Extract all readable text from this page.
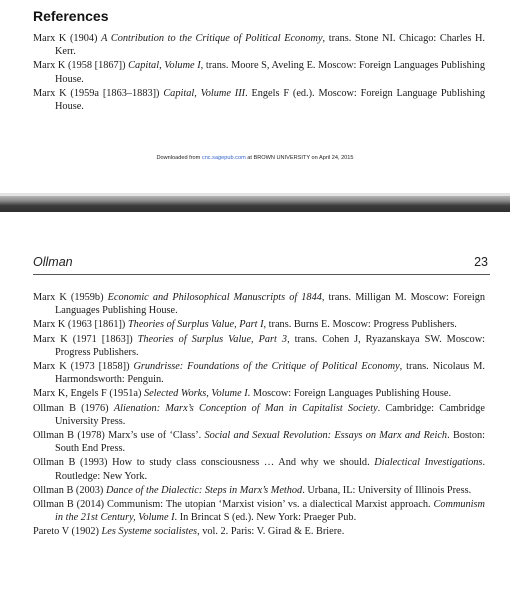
References
Marx K (1904) A Contribution to the Critique of Political Economy, trans. Stone NI. Chicago: Charles H. Kerr.
Marx K (1958 [1867]) Capital, Volume I, trans. Moore S, Aveling E. Moscow: Foreign Languages Publishing House.
Marx K (1959a [1863–1883]) Capital, Volume III. Engels F (ed.). Moscow: Foreign Language Publishing House.
Downloaded from cnc.sagepub.com at BROWN UNIVERSITY on April 24, 2015
Ollman	23
Marx K (1959b) Economic and Philosophical Manuscripts of 1844, trans. Milligan M. Moscow: Foreign Languages Publishing House.
Marx K (1963 [1861]) Theories of Surplus Value, Part I, trans. Burns E. Moscow: Progress Publishers.
Marx K (1971 [1863]) Theories of Surplus Value, Part 3, trans. Cohen J, Ryazanskaya SW. Moscow: Progress Publishers.
Marx K (1973 [1858]) Grundrisse: Foundations of the Critique of Political Economy, trans. Nicolaus M. Harmondsworth: Penguin.
Marx K, Engels F (1951a) Selected Works, Volume I. Moscow: Foreign Languages Publishing House.
Ollman B (1976) Alienation: Marx’s Conception of Man in Capitalist Society. Cambridge: Cambridge University Press.
Ollman B (1978) Marx’s use of ‘Class’. Social and Sexual Revolution: Essays on Marx and Reich. Boston: South End Press.
Ollman B (1993) How to study class consciousness … And why we should. Dialectical Investigations. Routledge: New York.
Ollman B (2003) Dance of the Dialectic: Steps in Marx’s Method. Urbana, IL: University of Illinois Press.
Ollman B (2014) Communism: The utopian ‘Marxist vision’ vs. a dialectical Marxist approach. Communism in the 21st Century, Volume I. In Brincat S (ed.). New York: Praeger Pub.
Pareto V (1902) Les Systeme socialistes, vol. 2. Paris: V. Girad & E. Briere.
